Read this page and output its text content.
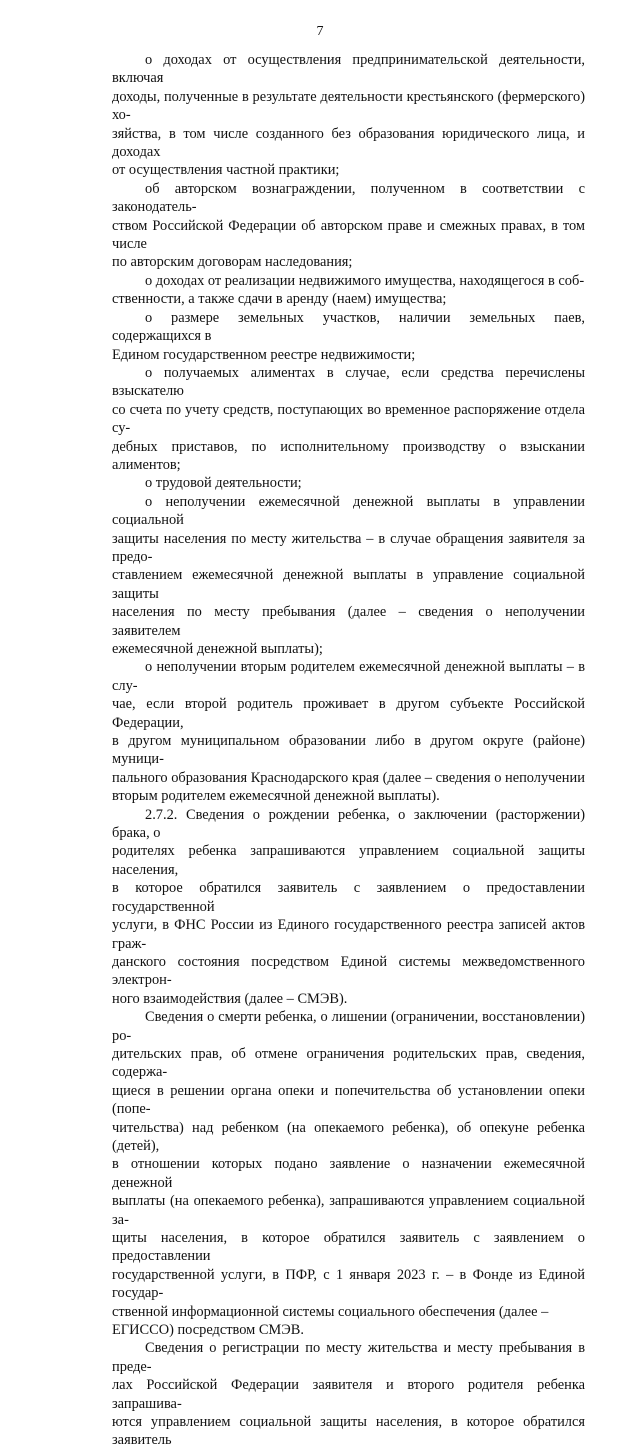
7

о доходах от осуществления предпринимательской деятельности, включая
доходы, полученные в результате деятельности крестьянского (фермерского) хо-
зяйства, в том числе созданного без образования юридического лица, и доходах
от осуществления частной практики;

об авторском вознаграждении, полученном в соответствии с законодатель-
ством Российской Федерации об авторском праве и смежных правах, в том числе
по авторским договорам наследования;

о доходах от реализации недвижимого имущества, находящегося в соб-
ственности, а также сдачи в аренду (наем) имущества;

о размере земельных участков, наличии земельных паев, содержащихся в
Едином государственном реестре недвижимости;

о получаемых алиментах в случае, если средства перечислены взыскателю
со счета по учету средств, поступающих во временное распоряжение отдела су-
дебных приставов, по исполнительному производству о взыскании алиментов;

о трудовой деятельности;

о неполучении ежемесячной денежной выплаты в управлении социальной
защиты населения по месту жительства – в случае обращения заявителя за предо-
ставлением ежемесячной денежной выплаты в управление социальной защиты
населения по месту пребывания (далее – сведения о неполучении заявителем
ежемесячной денежной выплаты);

о неполучении вторым родителем ежемесячной денежной выплаты – в слу-
чае, если второй родитель проживает в другом субъекте Российской Федерации,
в другом муниципальном образовании либо в другом округе (районе) муници-
пального образования Краснодарского края (далее – сведения о неполучении
вторым родителем ежемесячной денежной выплаты).

2.7.2. Сведения о рождении ребенка, о заключении (расторжении) брака, о
родителях ребенка запрашиваются управлением социальной защиты населения,
в которое обратился заявитель с заявлением о предоставлении государственной
услуги, в ФНС России из Единого государственного реестра записей актов граж-
данского состояния посредством Единой системы межведомственного электрон-
ного взаимодействия (далее – СМЭВ).

Сведения о смерти ребенка, о лишении (ограничении, восстановлении) ро-
дительских прав, об отмене ограничения родительских прав, сведения, содержа-
щиеся в решении органа опеки и попечительства об установлении опеки (попе-
чительства) над ребенком (на опекаемого ребенка), об опекуне ребенка (детей),
в отношении которых подано заявление о назначении ежемесячной денежной
выплаты (на опекаемого ребенка), запрашиваются управлением социальной за-
щиты населения, в которое обратился заявитель с заявлением о предоставлении
государственной услуги, в ПФР, с 1 января 2023 г. – в Фонде из Единой государ-
ственной информационной системы социального обеспечения (далее –
ЕГИССО) посредством СМЭВ.

Сведения о регистрации по месту жительства и месту пребывания в преде-
лах Российской Федерации заявителя и второго родителя ребенка запрашива-
ются управлением социальной защиты населения, в которое обратился заявитель
